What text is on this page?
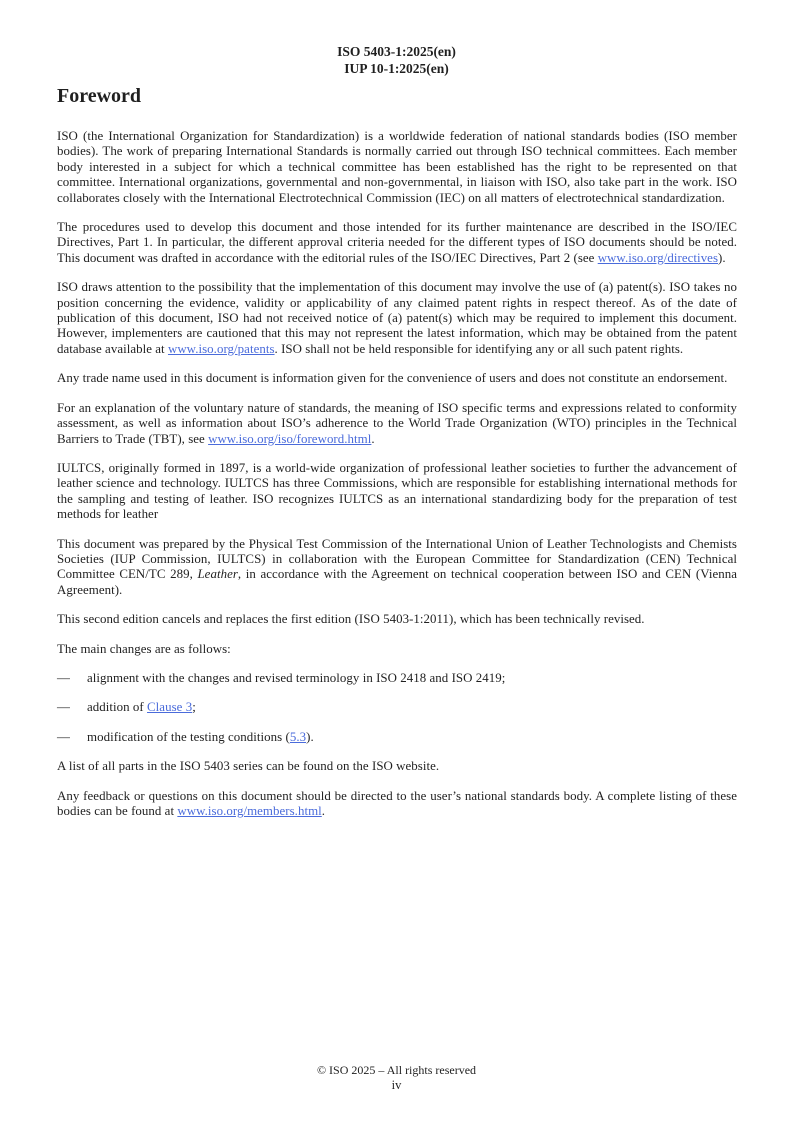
ISO 5403-1:2025(en)
IUP 10-1:2025(en)
Foreword

ISO (the International Organization for Standardization) is a worldwide federation of national standards bodies (ISO member bodies). The work of preparing International Standards is normally carried out through ISO technical committees. Each member body interested in a subject for which a technical committee has been established has the right to be represented on that committee. International organizations, governmental and non-governmental, in liaison with ISO, also take part in the work. ISO collaborates closely with the International Electrotechnical Commission (IEC) on all matters of electrotechnical standardization.

The procedures used to develop this document and those intended for its further maintenance are described in the ISO/IEC Directives, Part 1. In particular, the different approval criteria needed for the different types of ISO documents should be noted. This document was drafted in accordance with the editorial rules of the ISO/IEC Directives, Part 2 (see www.iso.org/directives).

ISO draws attention to the possibility that the implementation of this document may involve the use of (a) patent(s). ISO takes no position concerning the evidence, validity or applicability of any claimed patent rights in respect thereof. As of the date of publication of this document, ISO had not received notice of (a) patent(s) which may be required to implement this document. However, implementers are cautioned that this may not represent the latest information, which may be obtained from the patent database available at www.iso.org/patents. ISO shall not be held responsible for identifying any or all such patent rights.

Any trade name used in this document is information given for the convenience of users and does not constitute an endorsement.

For an explanation of the voluntary nature of standards, the meaning of ISO specific terms and expressions related to conformity assessment, as well as information about ISO’s adherence to the World Trade Organization (WTO) principles in the Technical Barriers to Trade (TBT), see www.iso.org/iso/foreword.html.

IULTCS, originally formed in 1897, is a world-wide organization of professional leather societies to further the advancement of leather science and technology. IULTCS has three Commissions, which are responsible for establishing international methods for the sampling and testing of leather. ISO recognizes IULTCS as an international standardizing body for the preparation of test methods for leather

This document was prepared by the Physical Test Commission of the International Union of Leather Technologists and Chemists Societies (IUP Commission, IULTCS) in collaboration with the European Committee for Standardization (CEN) Technical Committee CEN/TC 289, Leather, in accordance with the Agreement on technical cooperation between ISO and CEN (Vienna Agreement).

This second edition cancels and replaces the first edition (ISO 5403-1:2011), which has been technically revised.

The main changes are as follows:

—	alignment with the changes and revised terminology in ISO 2418 and ISO 2419;
—	addition of Clause 3;
—	modification of the testing conditions (5.3).

A list of all parts in the ISO 5403 series can be found on the ISO website.

Any feedback or questions on this document should be directed to the user’s national standards body. A complete listing of these bodies can be found at www.iso.org/members.html.

© ISO 2025 – All rights reserved
iv
